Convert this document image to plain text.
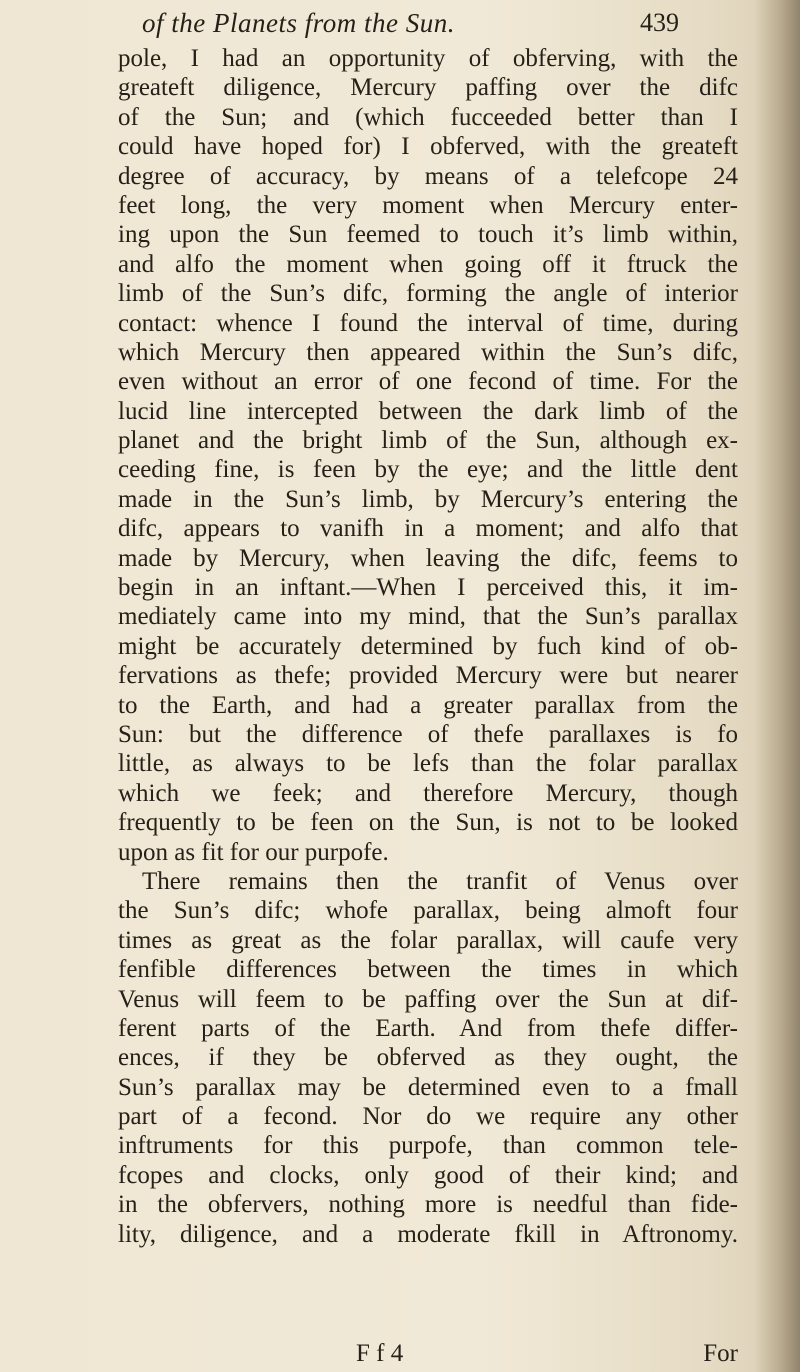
of the Planets from the Sun.	439
pole, I had an opportunity of obferving, with the
greateft diligence, Mercury paffing over the difc
of the Sun; and (which fucceeded better than I
could have hoped for) I obferved, with the greateft
degree of accuracy, by means of a telefcope 24
feet long, the very moment when Mercury enter-
ing upon the Sun feemed to touch it’s limb within,
and alfo the moment when going off it ftruck the
limb of the Sun’s difc, forming the angle of interior
contact: whence I found the interval of time, during
which Mercury then appeared within the Sun’s difc,
even without an error of one fecond of time. For the
lucid line intercepted between the dark limb of the
planet and the bright limb of the Sun, although ex-
ceeding fine, is feen by the eye; and the little dent
made in the Sun’s limb, by Mercury’s entering the
difc, appears to vanifh in a moment; and alfo that
made by Mercury, when leaving the difc, feems to
begin in an inftant.—When I perceived this, it im-
mediately came into my mind, that the Sun’s parallax
might be accurately determined by fuch kind of ob-
fervations as thefe; provided Mercury were but nearer
to the Earth, and had a greater parallax from the
Sun: but the difference of thefe parallaxes is fo
little, as always to be lefs than the folar parallax
which we feek; and therefore Mercury, though
frequently to be feen on the Sun, is not to be looked
upon as fit for our purpofe.
There remains then the tranfit of Venus over
the Sun’s difc; whofe parallax, being almoft four
times as great as the folar parallax, will caufe very
fenfible differences between the times in which
Venus will feem to be paffing over the Sun at dif-
ferent parts of the Earth. And from thefe differ-
ences, if they be obferved as they ought, the
Sun’s parallax may be determined even to a fmall
part of a fecond. Nor do we require any other
inftruments for this purpofe, than common tele-
fcopes and clocks, only good of their kind; and
in the obfervers, nothing more is needful than fide-
lity, diligence, and a moderate fkill in Aftronomy.
F f 4	For
